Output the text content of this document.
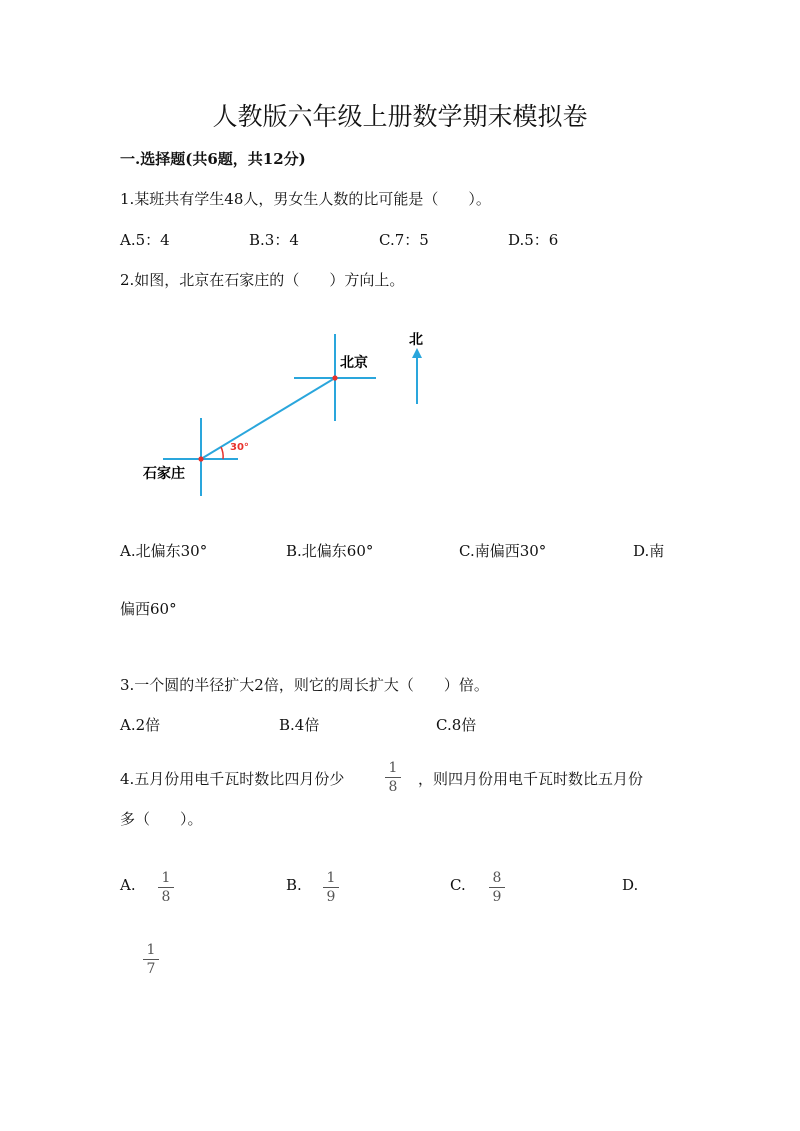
人教版六年级上册数学期末模拟卷
一.选择题(共6题，共12分)
1.某班共有学生48人，男女生人数的比可能是（　　）。
A.5：4	B.3：4	C.7：5	D.5：6
2.如图，北京在石家庄的（　　）方向上。
北
北京
石家庄
30°
A.北偏东30°	B.北偏东60°	C.南偏西30°	D.南
偏西60°
3.一个圆的半径扩大2倍，则它的周长扩大（　　）倍。
A.2倍	B.4倍	C.8倍
4.五月份用电千瓦时数比四月份少
1
8 ，则四月份用电千瓦时数比五月份
多（　　）。
A. 1
8
B. 1
9
C. 8
9
D.
1
7
